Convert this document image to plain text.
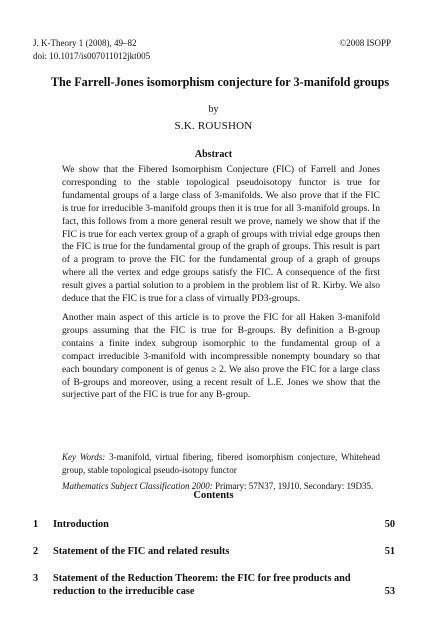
J. K-Theory 1 (2008), 49–82
doi: 10.1017/is007011012jkt005
©2008 ISOPP
The Farrell-Jones isomorphism conjecture for 3-manifold groups
by
S.K. ROUSHON
Abstract

We show that the Fibered Isomorphism Conjecture (FIC) of Farrell and Jones corresponding to the stable topological pseudoisotopy functor is true for fundamental groups of a large class of 3-manifolds. We also prove that if the FIC is true for irreducible 3-manifold groups then it is true for all 3-manifold groups. In fact, this follows from a more general result we prove, namely we show that if the FIC is true for each vertex group of a graph of groups with trivial edge groups then the FIC is true for the fundamental group of the graph of groups. This result is part of a program to prove the FIC for the fundamental group of a graph of groups where all the vertex and edge groups satisfy the FIC. A consequence of the first result gives a partial solution to a problem in the problem list of R. Kirby. We also deduce that the FIC is true for a class of virtually PD3-groups.

Another main aspect of this article is to prove the FIC for all Haken 3-manifold groups assuming that the FIC is true for B-groups. By definition a B-group contains a finite index subgroup isomorphic to the fundamental group of a compact irreducible 3-manifold with incompressible nonempty boundary so that each boundary component is of genus ≥ 2. We also prove the FIC for a large class of B-groups and moreover, using a recent result of L.E. Jones we show that the surjective part of the FIC is true for any B-group.

Key Words: 3-manifold, virtual fibering, fibered isomorphism conjecture, Whitehead group, stable topological pseudo-isotopy functor

Mathematics Subject Classification 2000: Primary: 57N37, 19J10. Secondary: 19D35.

Contents
1	Introduction	50
2	Statement of the FIC and related results	51
3	Statement of the Reduction Theorem: the FIC for free products and reduction to the irreducible case	53
